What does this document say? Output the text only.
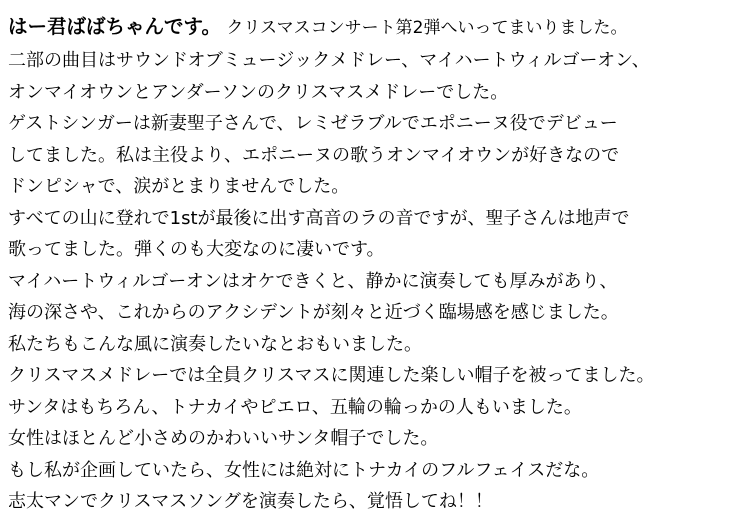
はー君ばばちゃんです。 クリスマスコンサート第2弾へいってまいりました。
二部の曲目はサウンドオブミュージックメドレー、マイハートウィルゴーオン、
オンマイオウンとアンダーソンのクリスマスメドレーでした。
ゲストシンガーは新妻聖子さんで、レミゼラブルでエポニーヌ役でデビュー
してました。私は主役より、エポニーヌの歌うオンマイオウンが好きなので
ドンピシャで、涙がとまりませんでした。
すべての山に登れで1stが最後に出す高音のラの音ですが、聖子さんは地声で
歌ってました。弾くのも大変なのに凄いです。
マイハートウィルゴーオンはオケできくと、静かに演奏しても厚みがあり、
海の深さや、これからのアクシデントが刻々と近づく臨場感を感じました。
私たちもこんな風に演奏したいなとおもいました。
クリスマスメドレーでは全員クリスマスに関連した楽しい帽子を被ってました。
サンタはもちろん、トナカイやピエロ、五輪の輪っかの人もいました。
女性はほとんど小さめのかわいいサンタ帽子でした。
もし私が企画していたら、女性には絶対にトナカイのフルフェイスだな。
志太マンでクリスマスソングを演奏したら、覚悟してね！！
